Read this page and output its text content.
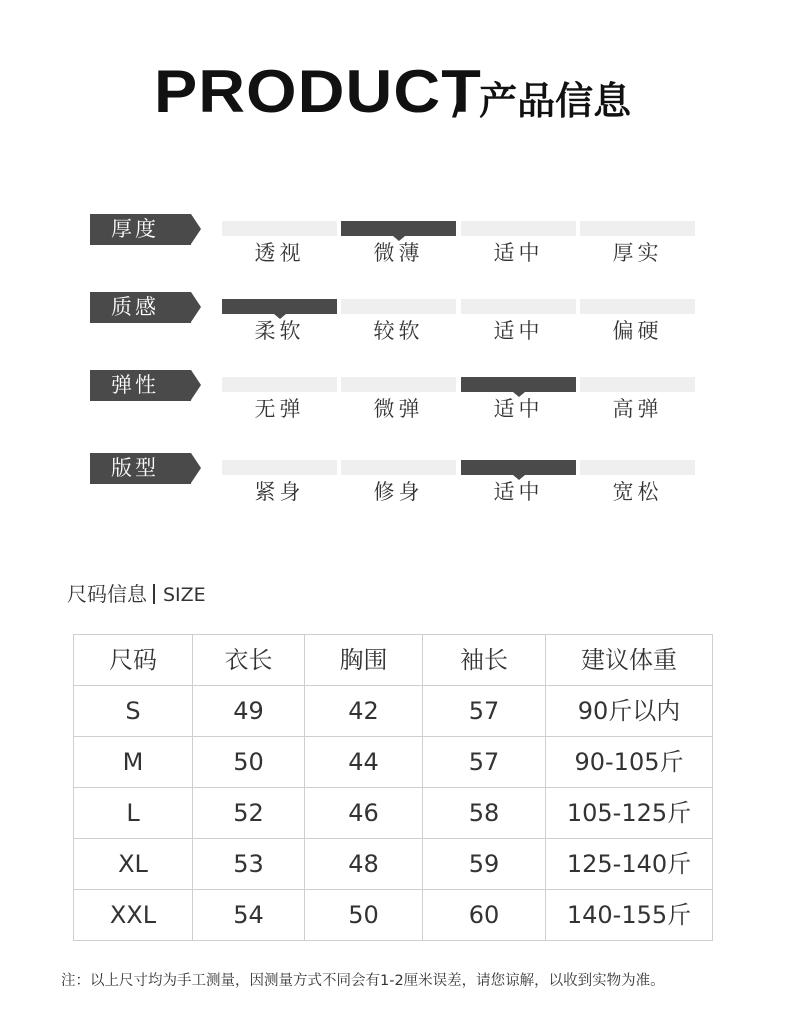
PRODUCT
/ 产品信息
厚度
透视	微薄	适中	厚实
质感
柔软	较软	适中	偏硬
弹性
无弹	微弹	适中	高弹
版型
紧身	修身	适中	宽松
尺码信息 SIZE
尺码	衣长	胸围	袖长	建议体重
S	49	42	57	90斤以内
M	50	44	57	90-105斤
L	52	46	58	105-125斤
XL	53	48	59	125-140斤
XXL	54	50	60	140-155斤
注：以上尺寸均为手工测量，因测量方式不同会有1-2厘米误差，请您谅解，以收到实物为准。
